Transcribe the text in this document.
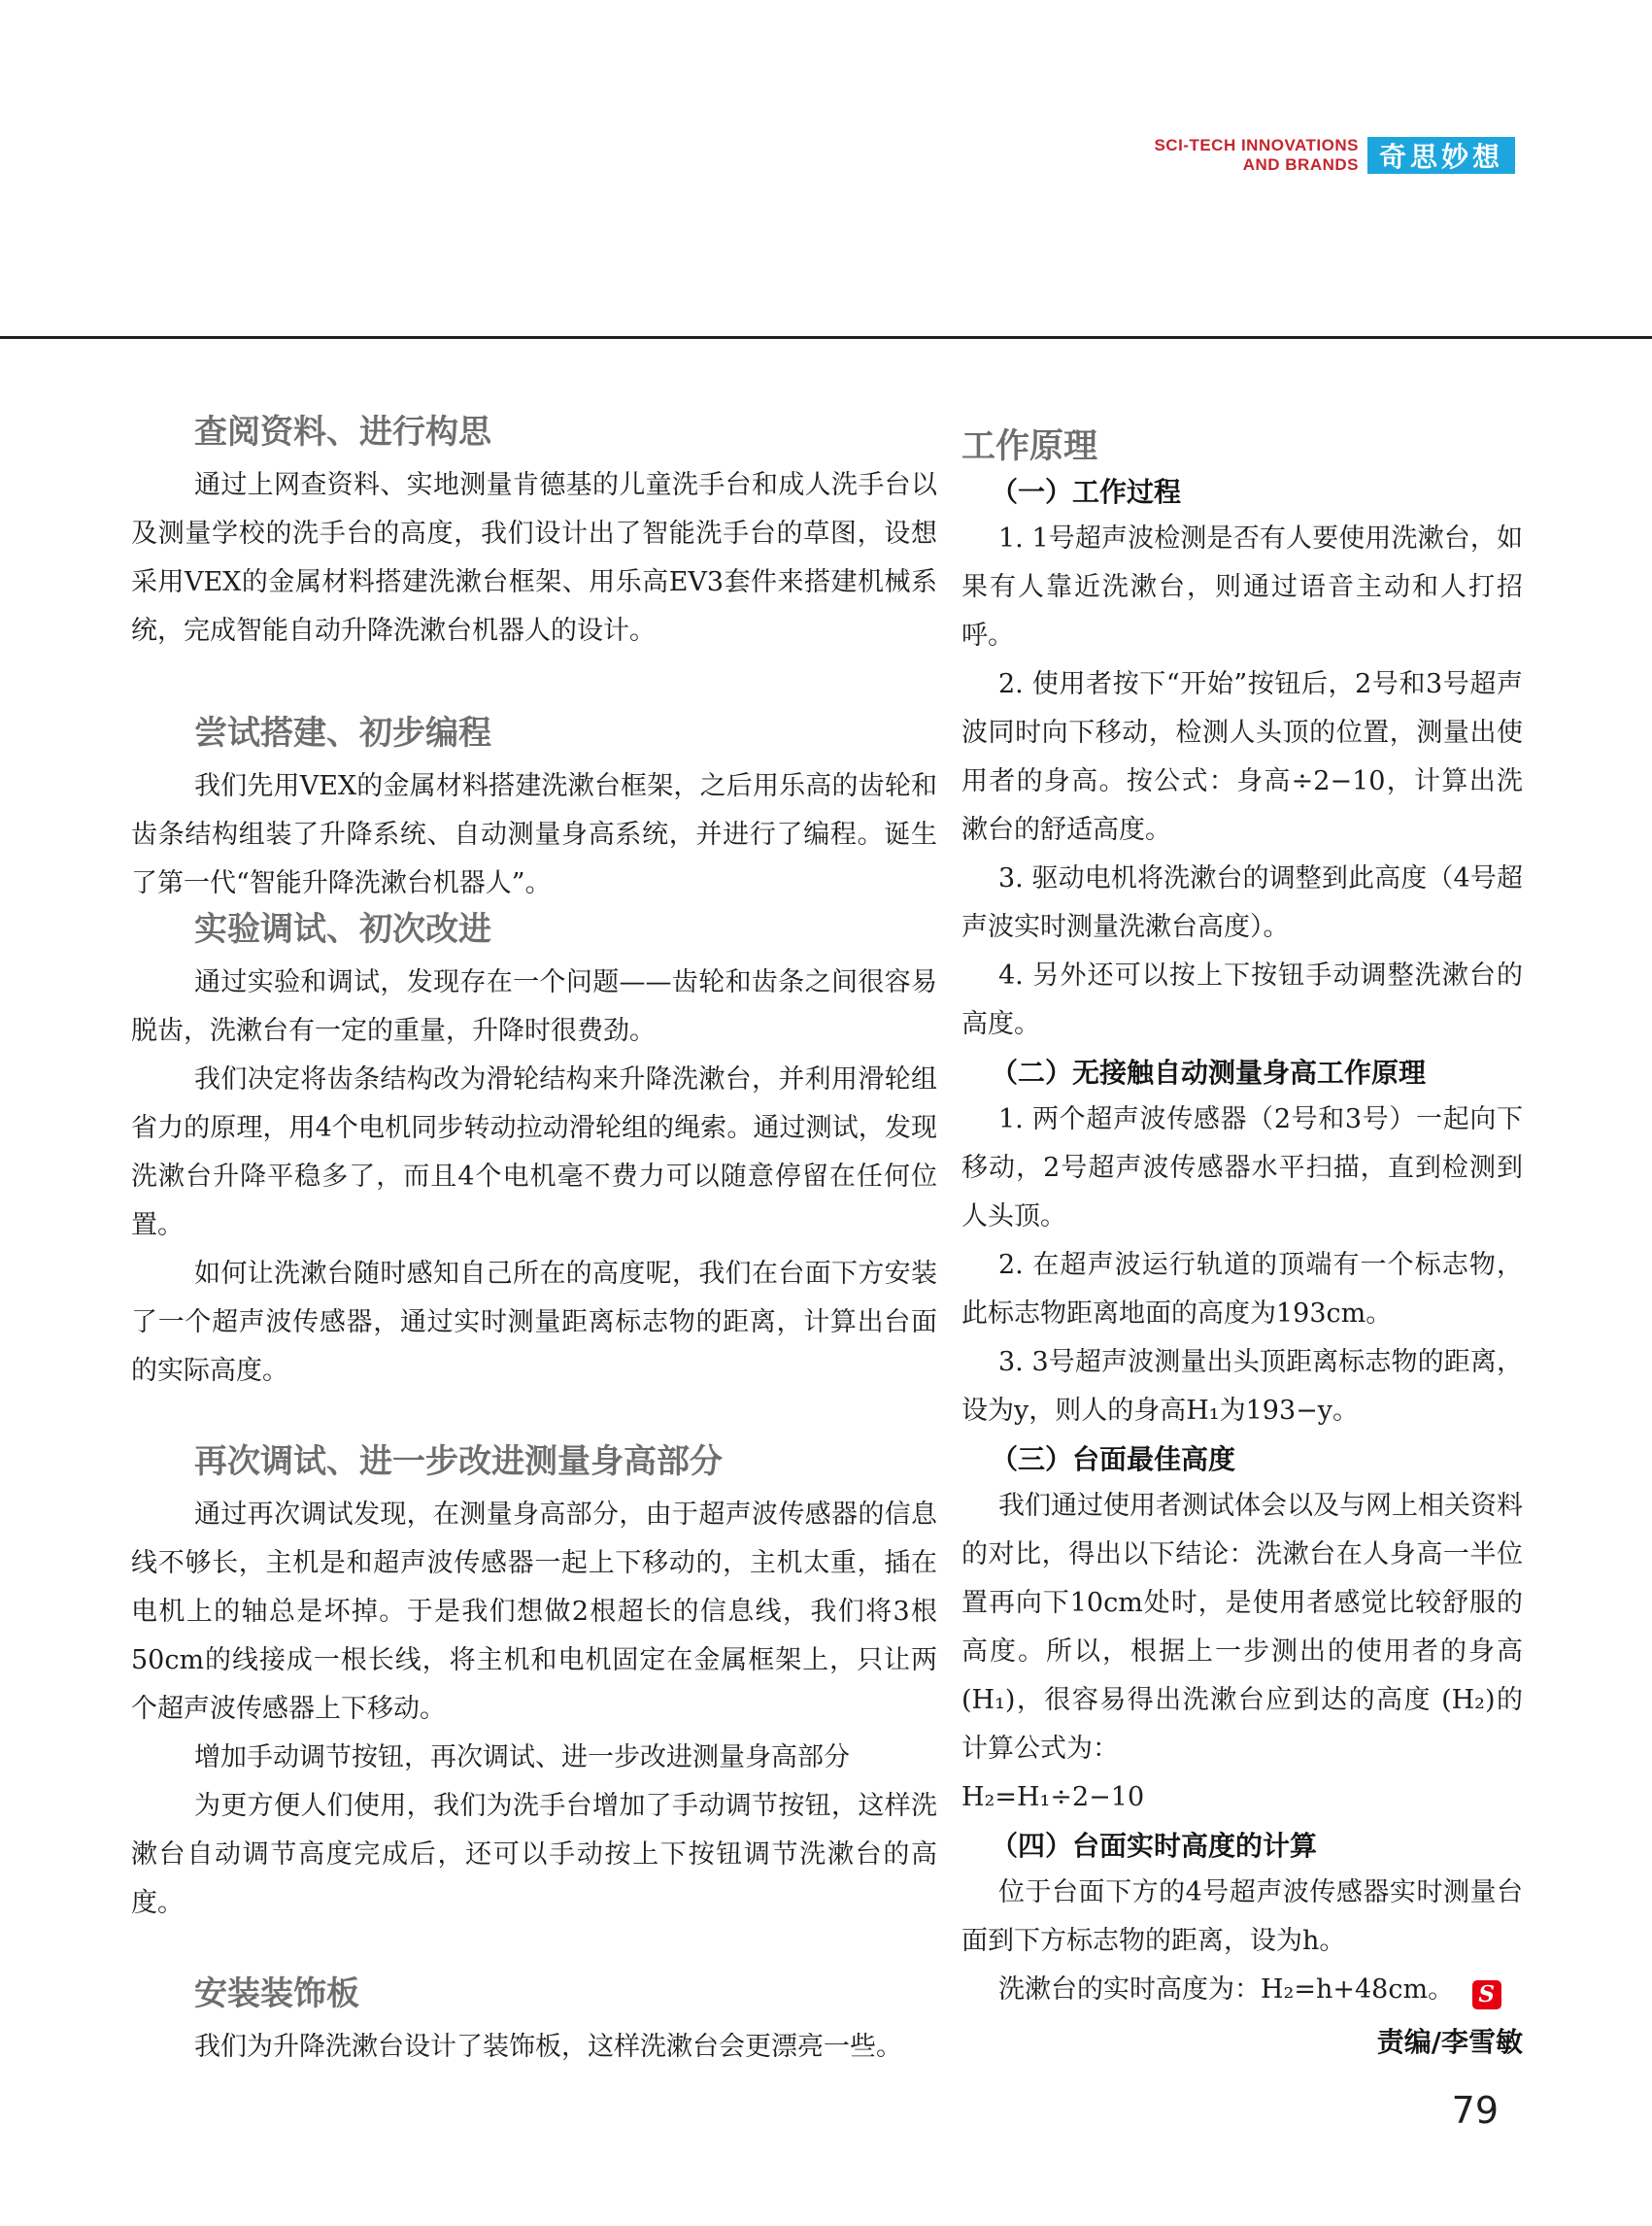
SCI-TECH INNOVATIONS
AND BRANDS 奇思妙想
查阅资料、进行构思

通过上网查资料、实地测量肯德基的儿童洗手台和成人洗手台以及测量学校的洗手台的高度，我们设计出了智能洗手台的草图，设想采用VEX的金属材料搭建洗漱台框架、用乐高EV3套件来搭建机械系统，完成智能自动升降洗漱台机器人的设计。

尝试搭建、初步编程

我们先用VEX的金属材料搭建洗漱台框架，之后用乐高的齿轮和齿条结构组装了升降系统、自动测量身高系统，并进行了编程。诞生了第一代“智能升降洗漱台机器人”。

实验调试、初次改进

通过实验和调试，发现存在一个问题——齿轮和齿条之间很容易脱齿，洗漱台有一定的重量，升降时很费劲。

我们决定将齿条结构改为滑轮结构来升降洗漱台，并利用滑轮组省力的原理，用4个电机同步转动拉动滑轮组的绳索。通过测试，发现洗漱台升降平稳多了，而且4个电机毫不费力可以随意停留在任何位置。

如何让洗漱台随时感知自己所在的高度呢，我们在台面下方安装了一个超声波传感器，通过实时测量距离标志物的距离，计算出台面的实际高度。

再次调试、进一步改进测量身高部分

通过再次调试发现，在测量身高部分，由于超声波传感器的信息线不够长，主机是和超声波传感器一起上下移动的，主机太重，插在电机上的轴总是坏掉。于是我们想做2根超长的信息线，我们将3根50cm的线接成一根长线，将主机和电机固定在金属框架上，只让两个超声波传感器上下移动。

增加手动调节按钮，再次调试、进一步改进测量身高部分

为更方便人们使用，我们为洗手台增加了手动调节按钮，这样洗漱台自动调节高度完成后，还可以手动按上下按钮调节洗漱台的高度。

安装装饰板

我们为升降洗漱台设计了装饰板，这样洗漱台会更漂亮一些。

工作原理
（一）工作过程

1. 1号超声波检测是否有人要使用洗漱台，如果有人靠近洗漱台，则通过语音主动和人打招呼。

2. 使用者按下“开始”按钮后，2号和3号超声波同时向下移动，检测人头顶的位置，测量出使用者的身高。按公式：身高÷2−10，计算出洗漱台的舒适高度。

3. 驱动电机将洗漱台的调整到此高度（4号超声波实时测量洗漱台高度）。

4. 另外还可以按上下按钮手动调整洗漱台的高度。

（二）无接触自动测量身高工作原理

1. 两个超声波传感器（2号和3号）一起向下移动，2号超声波传感器水平扫描，直到检测到人头顶。

2. 在超声波运行轨道的顶端有一个标志物，此标志物距离地面的高度为193cm。

3. 3号超声波测量出头顶距离标志物的距离，设为y，则人的身高H₁为193−y。

（三）台面最佳高度

我们通过使用者测试体会以及与网上相关资料的对比，得出以下结论：洗漱台在人身高一半位置再向下10cm处时，是使用者感觉比较舒服的高度。所以，根据上一步测出的使用者的身高(H₁)，很容易得出洗漱台应到达的高度 (H₂)的计算公式为：

H₂=H₁÷2−10

（四）台面实时高度的计算

位于台面下方的4号超声波传感器实时测量台面到下方标志物的距离，设为h。

洗漱台的实时高度为：H₂=h+48cm。 S

责编/李雪敏

79
